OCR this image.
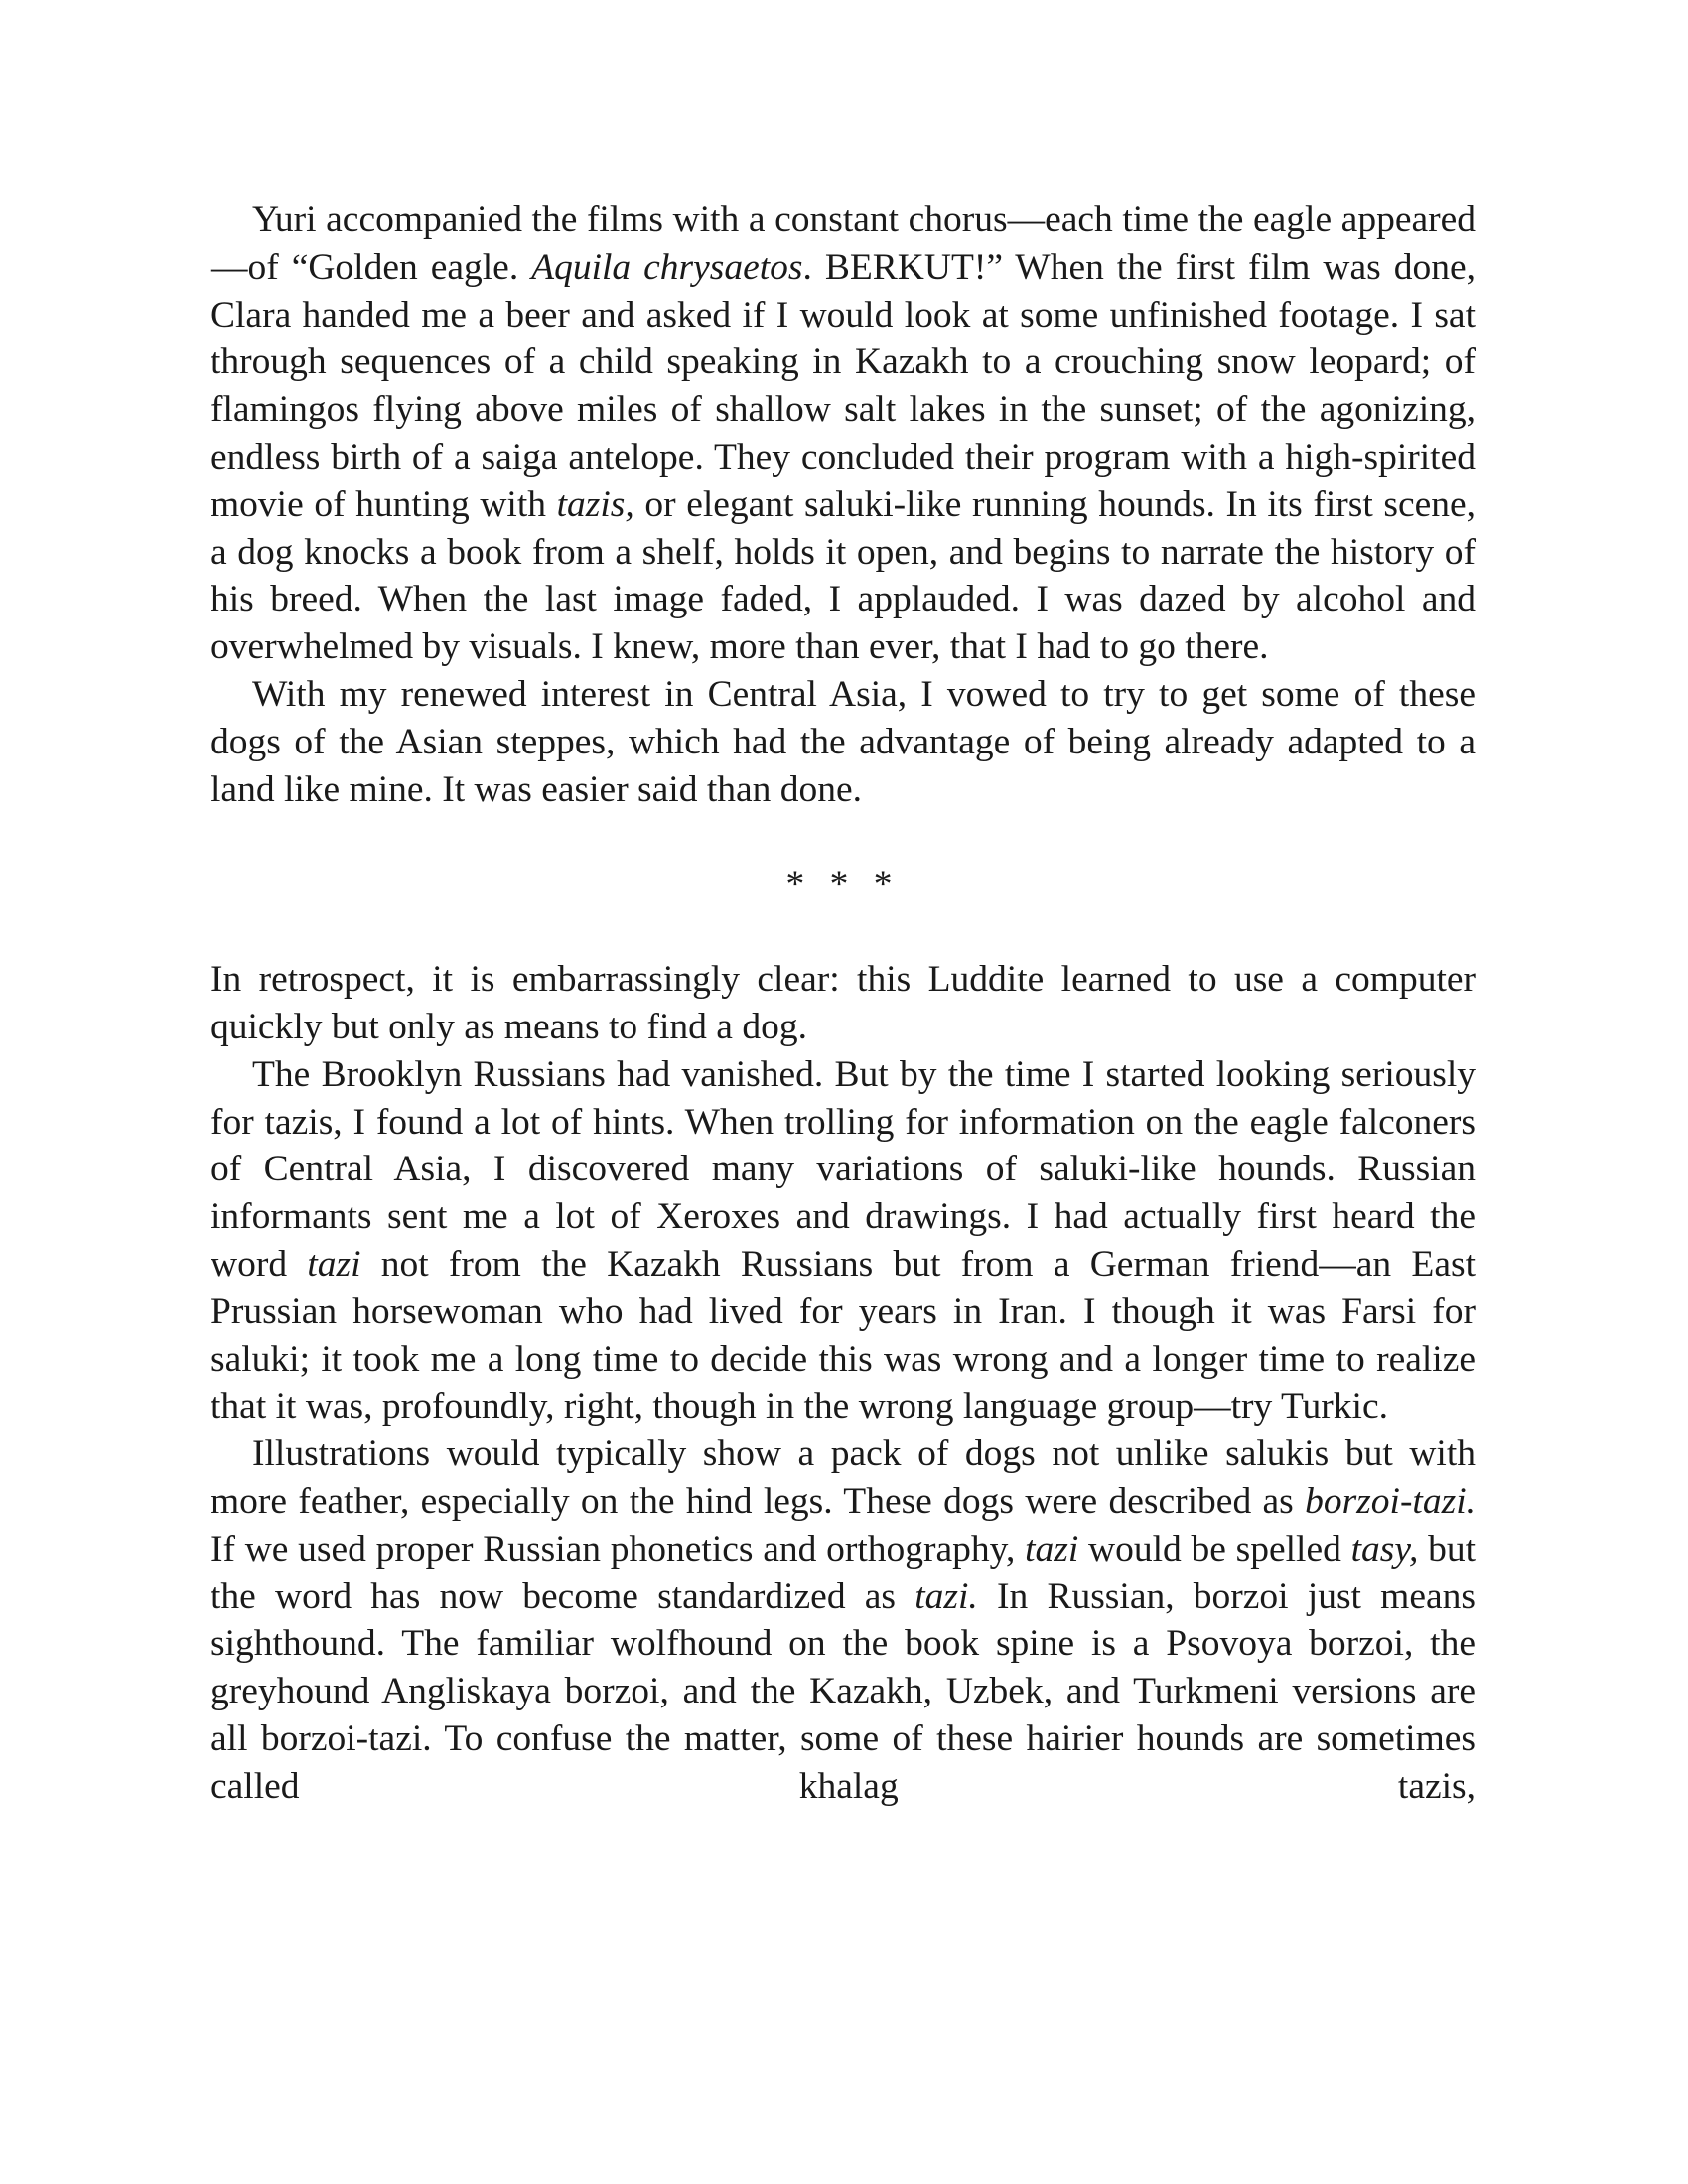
Yuri accompanied the films with a constant chorus—each time the eagle appeared—of “Golden eagle. Aquila chrysaetos. BERKUT!” When the first film was done, Clara handed me a beer and asked if I would look at some unfinished footage. I sat through sequences of a child speaking in Kazakh to a crouching snow leopard; of flamingos flying above miles of shallow salt lakes in the sunset; of the agonizing, endless birth of a saiga antelope. They concluded their program with a high-spirited movie of hunting with tazis, or elegant saluki-like running hounds. In its first scene, a dog knocks a book from a shelf, holds it open, and begins to narrate the history of his breed. When the last image faded, I applauded. I was dazed by alcohol and overwhelmed by visuals. I knew, more than ever, that I had to go there.

With my renewed interest in Central Asia, I vowed to try to get some of these dogs of the Asian steppes, which had the advantage of being already adapted to a land like mine. It was easier said than done.

* * *

In retrospect, it is embarrassingly clear: this Luddite learned to use a computer quickly but only as means to find a dog.

The Brooklyn Russians had vanished. But by the time I started looking seriously for tazis, I found a lot of hints. When trolling for information on the eagle falconers of Central Asia, I discovered many variations of saluki-like hounds. Russian informants sent me a lot of Xeroxes and drawings. I had actually first heard the word tazi not from the Kazakh Russians but from a German friend—an East Prussian horsewoman who had lived for years in Iran. I though it was Farsi for saluki; it took me a long time to decide this was wrong and a longer time to realize that it was, profoundly, right, though in the wrong language group—try Turkic.

Illustrations would typically show a pack of dogs not unlike salukis but with more feather, especially on the hind legs. These dogs were described as borzoi-tazi. If we used proper Russian phonetics and orthography, tazi would be spelled tasy, but the word has now become standardized as tazi. In Russian, borzoi just means sighthound. The familiar wolfhound on the book spine is a Psovoya borzoi, the greyhound Angliskaya borzoi, and the Kazakh, Uzbek, and Turkmeni versions are all borzoi-tazi. To confuse the matter, some of these hairier hounds are sometimes called khalag tazis,
